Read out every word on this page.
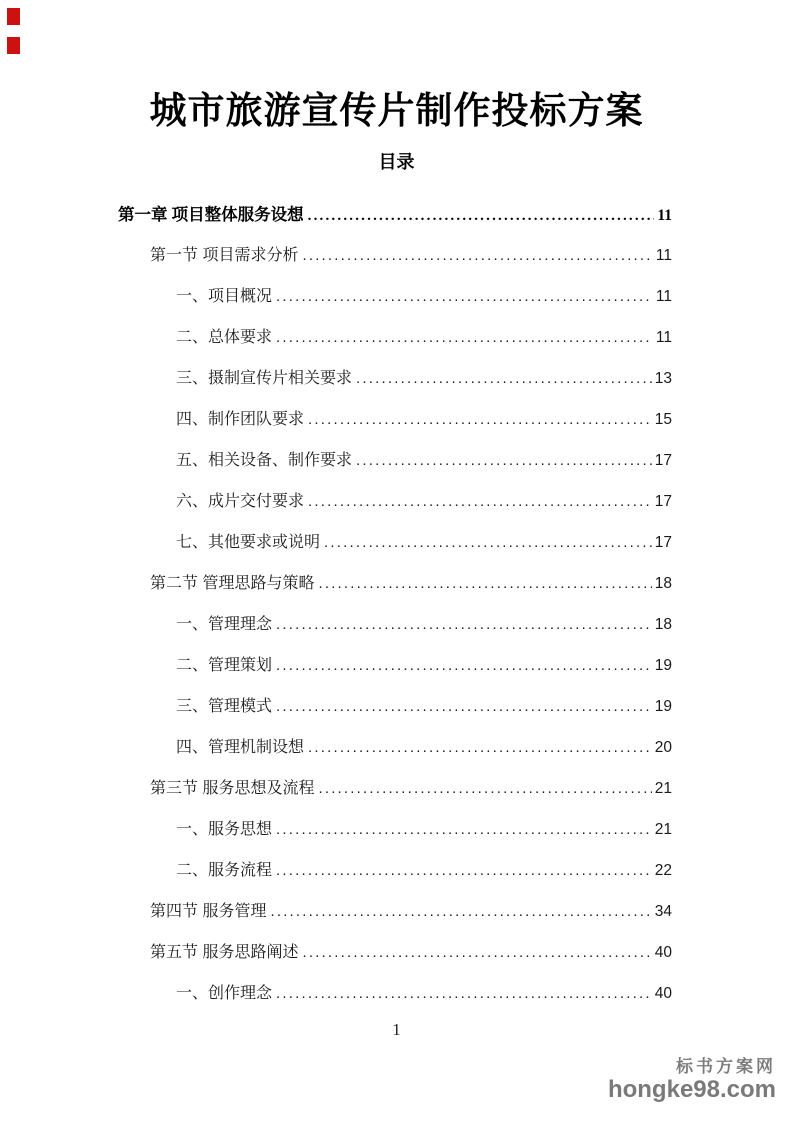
城市旅游宣传片制作投标方案
目录
第一章 项目整体服务设想 .....	11
第一节 项目需求分析 .....	11
一、项目概况 .....	11
二、总体要求 .....	11
三、摄制宣传片相关要求 .....	13
四、制作团队要求 .....	15
五、相关设备、制作要求 .....	17
六、成片交付要求 .....	17
七、其他要求或说明 .....	17
第二节 管理思路与策略 .....	18
一、管理理念 .....	18
二、管理策划 .....	19
三、管理模式 .....	19
四、管理机制设想 .....	20
第三节 服务思想及流程 .....	21
一、服务思想 .....	21
二、服务流程 .....	22
第四节 服务管理 .....	34
第五节 服务思路阐述 .....	40
一、创作理念 .....	40
1
标书方案网
hongke98.com
